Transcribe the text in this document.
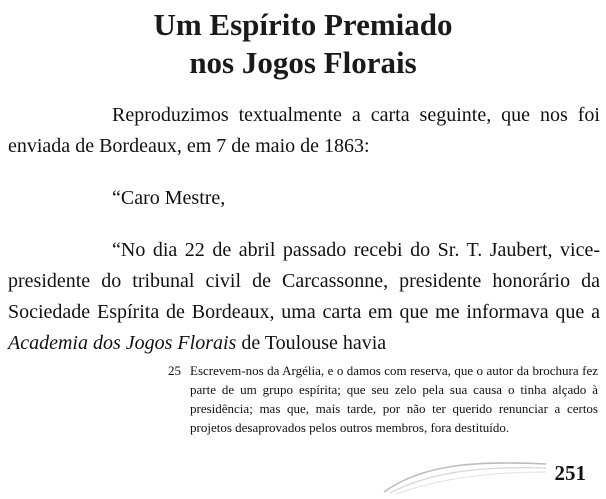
Um Espírito Premiado
nos Jogos Florais

Reproduzimos textualmente a carta seguinte, que nos foi enviada de Bordeaux, em 7 de maio de 1863:

“Caro Mestre,

“No dia 22 de abril passado recebi do Sr. T. Jaubert, vice-presidente do tribunal civil de Carcassonne, presidente honorário da Sociedade Espírita de Bordeaux, uma carta em que me informava que a Academia dos Jogos Florais de Toulouse havia

25 Escrevem-nos da Argélia, e o damos com reserva, que o autor da brochura fez parte de um grupo espírita; que seu zelo pela sua causa o tinha alçado à presidência; mas que, mais tarde, por não ter querido renunciar a certos projetos desaprovados pelos outros membros, fora destituído.
251
